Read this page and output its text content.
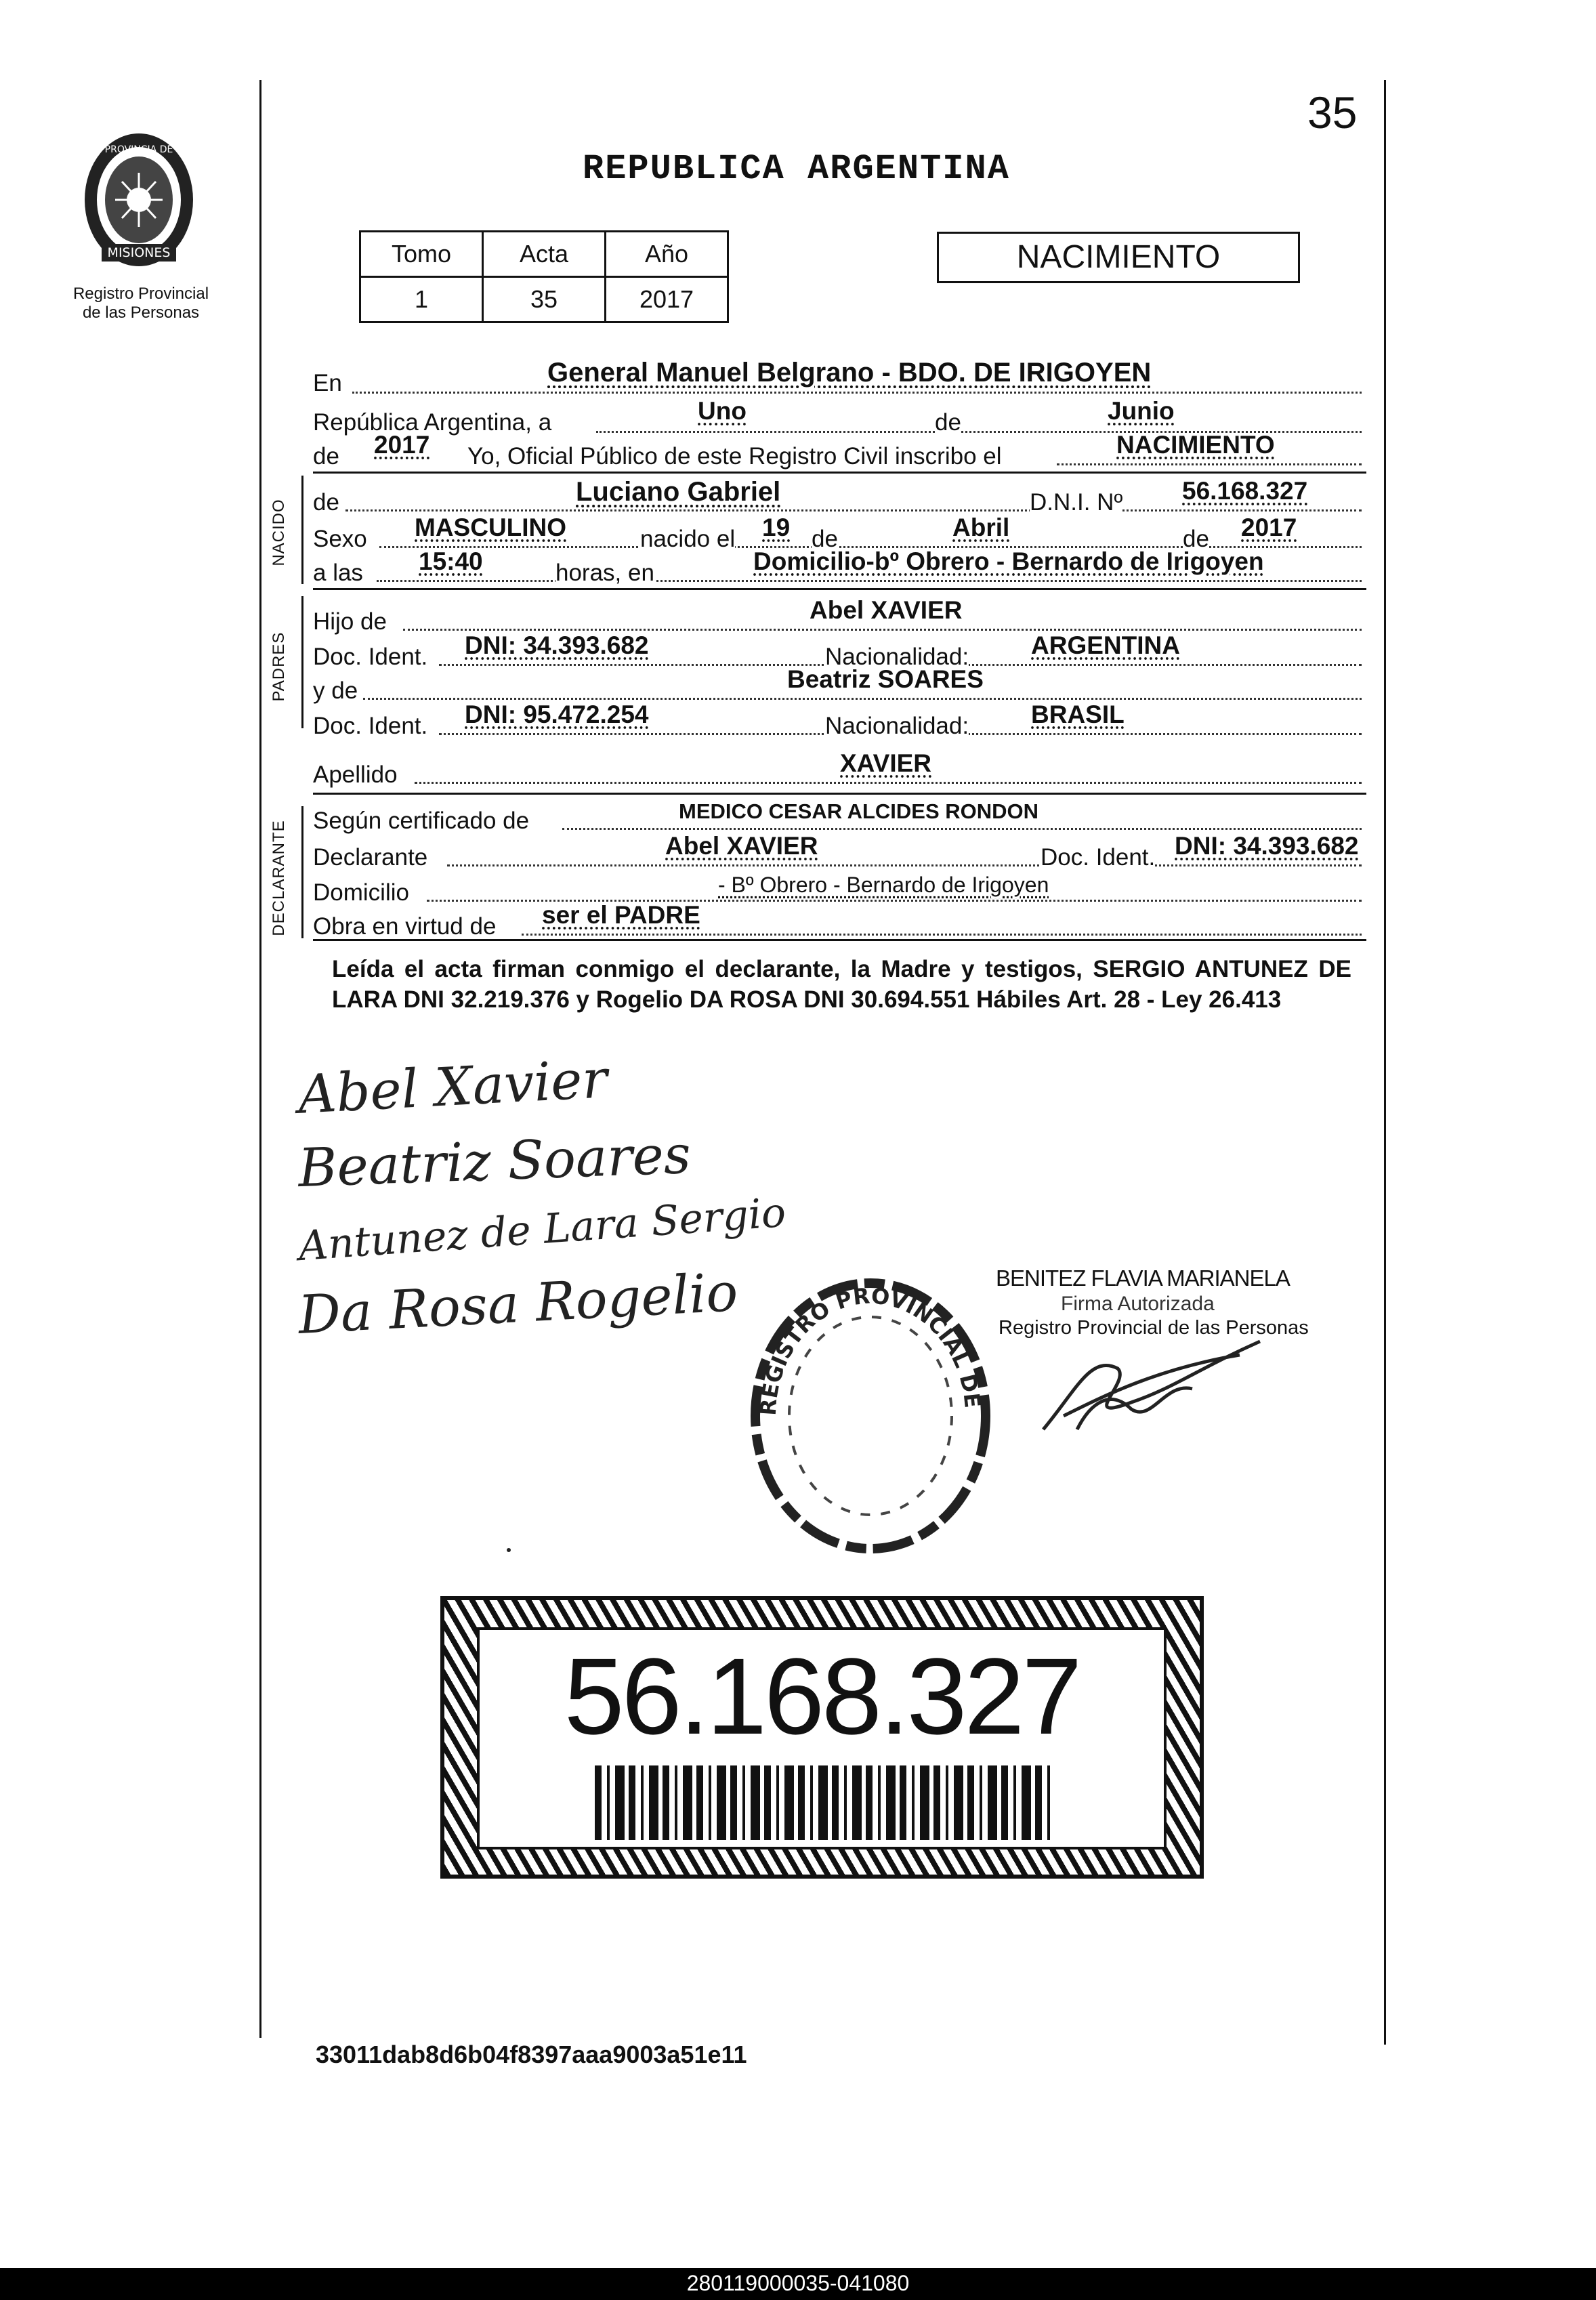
35
MISIONES
PROVINCIA DE
Registro Provincial
de las Personas
REPUBLICA ARGENTINA
Tomo	Acta	Año
1	35	2017
NACIMIENTO
En	General Manuel Belgrano - BDO. DE IRIGOYEN
República Argentina, a	Uno	de	Junio
de 2017 Yo, Oficial Público de este Registro Civil inscribo el	NACIMIENTO
NACIDO de	Luciano Gabriel	D.N.I. Nº 56.168.327
Sexo MASCULINO	nacido el 19 de	Abril	de 2017
a las 15:40	horas, en	Domicilio-bº Obrero - Bernardo de Irigoyen
PADRES
Hijo de	Abel XAVIER
Doc. Ident. DNI: 34.393.682	Nacionalidad: ARGENTINA
y de	Beatriz SOARES
Doc. Ident. DNI: 95.472.254	Nacionalidad: BRASIL
Apellido	XAVIER
DECLARANTE Según certificado de	MEDICO CESAR ALCIDES RONDON
Declarante	Abel XAVIER	Doc. Ident. DNI: 34.393.682
Domicilio	- Bº Obrero - Bernardo de Irigoyen
Obra en virtud de ser el PADRE
Leída el acta firman conmigo el declarante, la Madre y testigos, SERGIO ANTUNEZ DE LARA DNI 32.219.376 y Rogelio DA ROSA DNI 30.694.551 Hábiles Art. 28 - Ley 26.413
Abel Xavier
Beatriz Soares
Antunez de Lara Sergio
Da Rosa Rogelio	BENITEZ FLAVIA MARIANELA
Firma Autorizada
Registro Provincial de las Personas
REGISTRO PROVINCIAL DE
56.168.327
33011dab8d6b04f8397aaa9003a51e11
280119000035-041080
